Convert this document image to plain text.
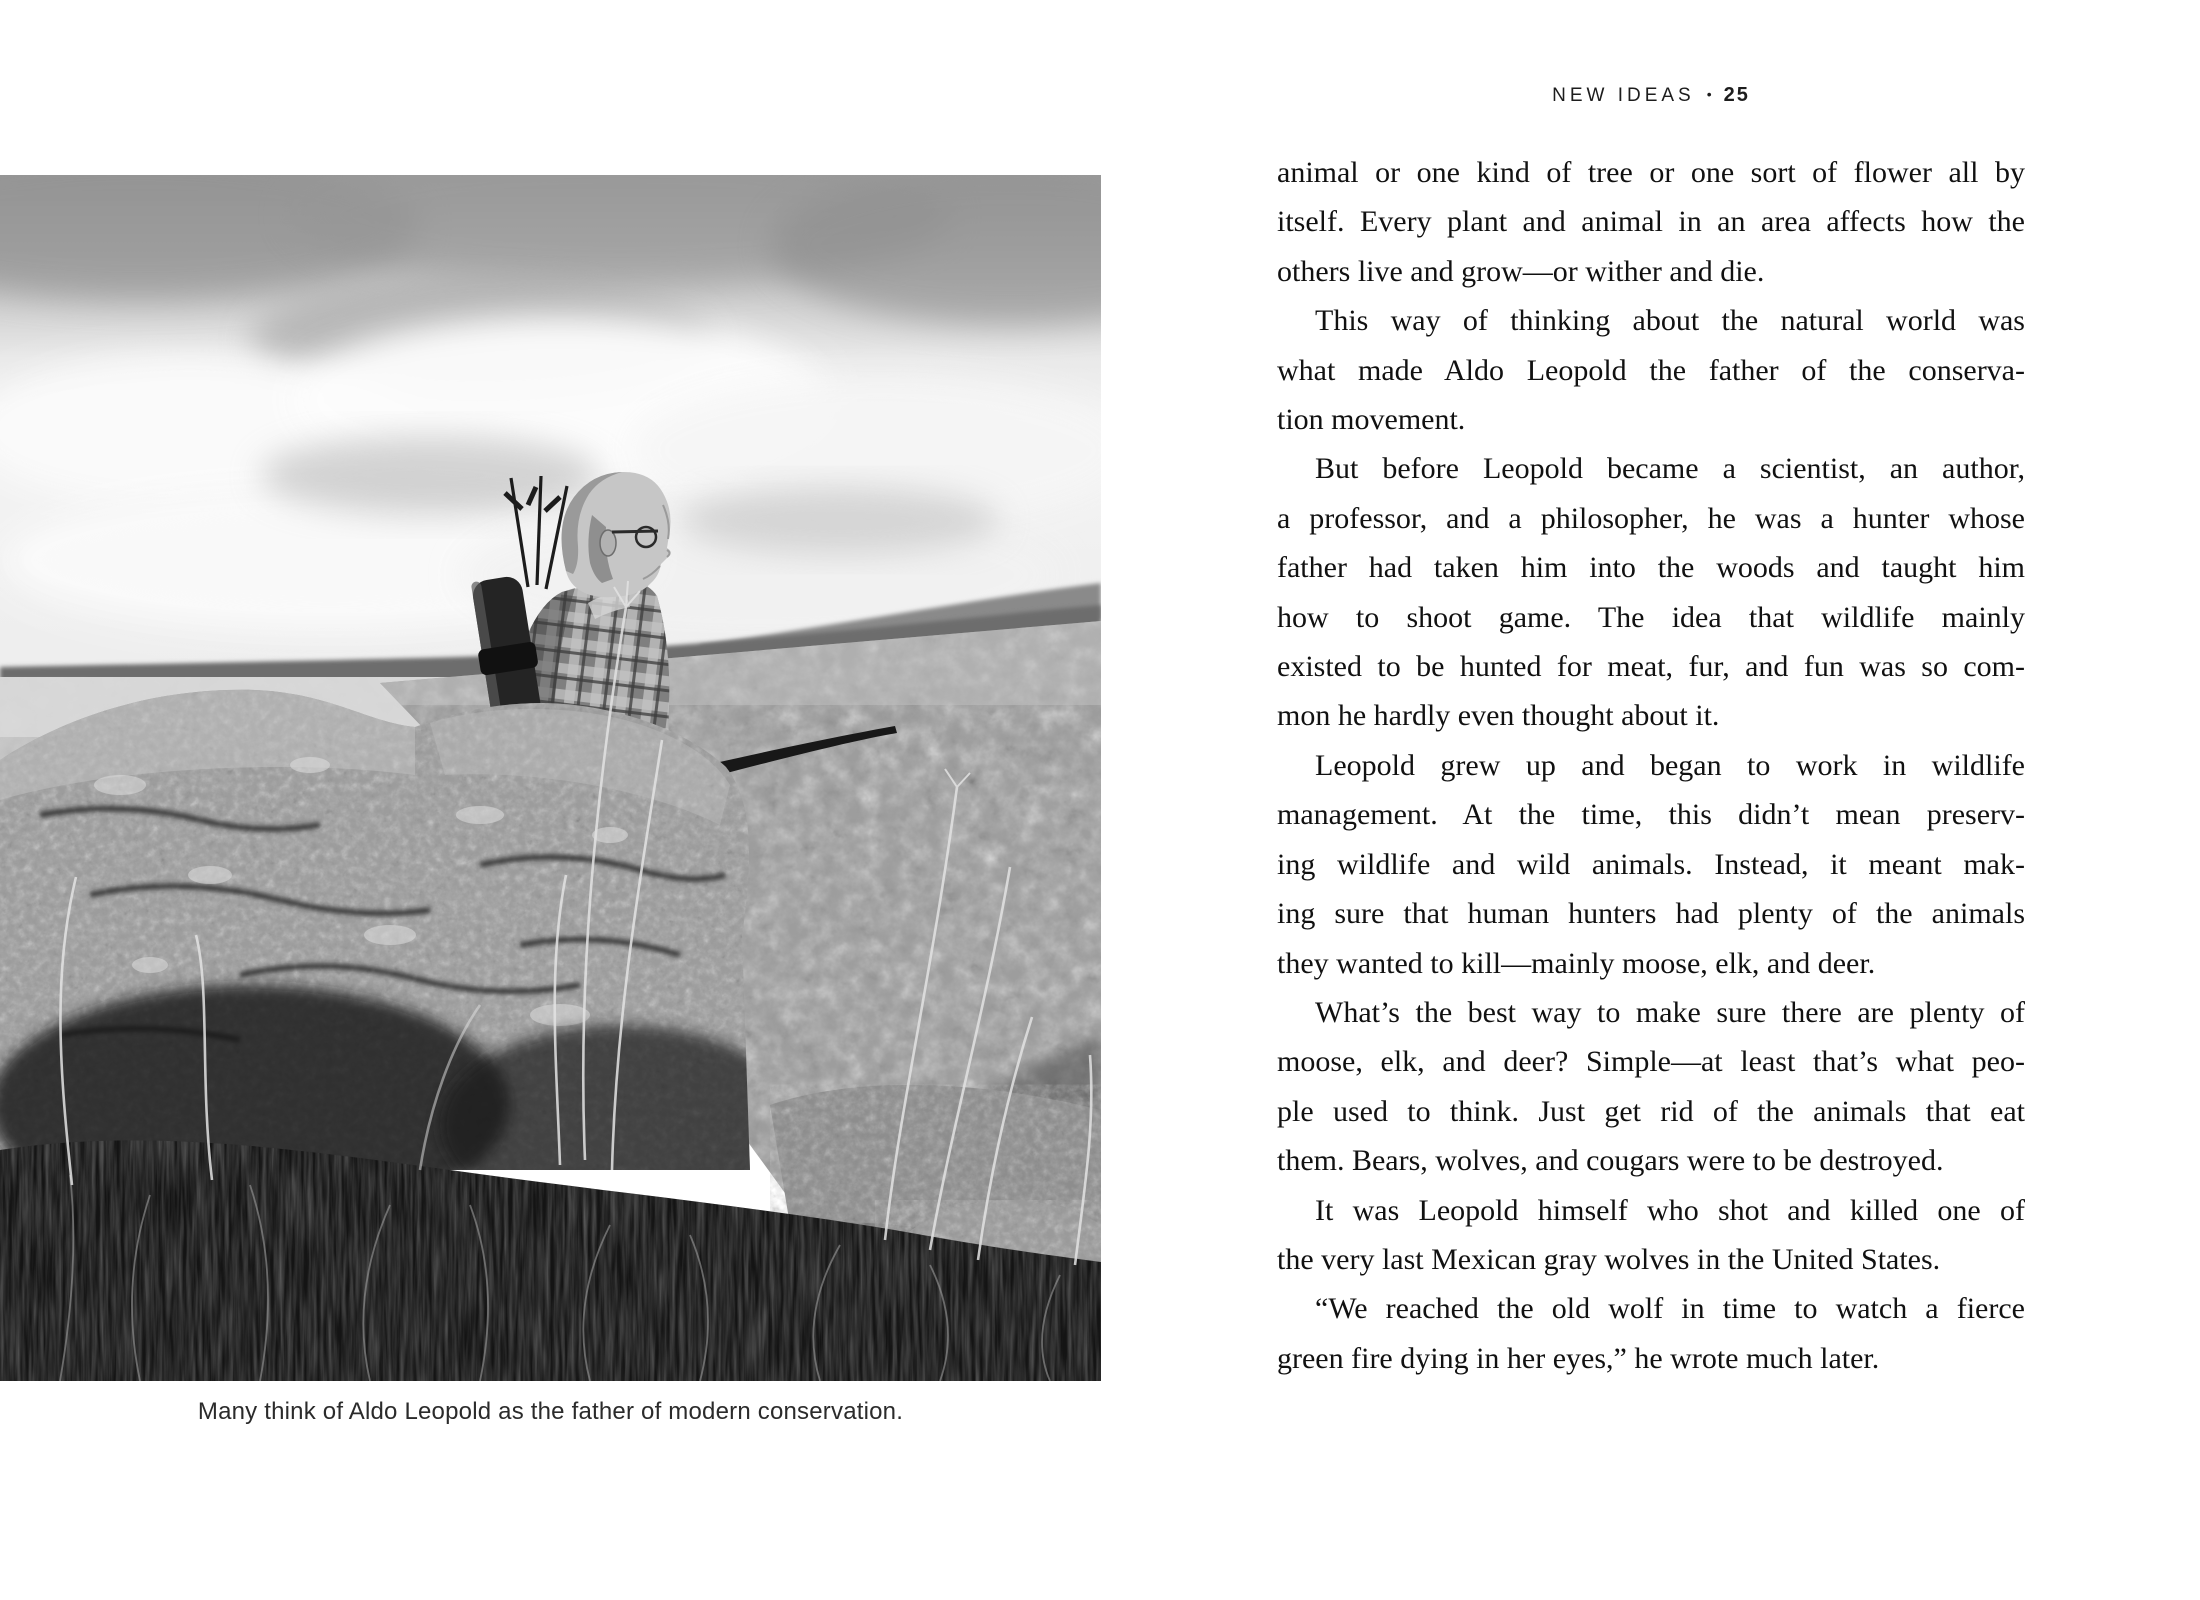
NEW IDEAS • 25
Many think of Aldo Leopold as the father of modern conservation.
animal or one kind of tree or one sort of flower all by
itself. Every plant and animal in an area affects how the
others live and grow—or wither and die.
This way of thinking about the natural world was
what made Aldo Leopold the father of the conserva-
tion movement.
But before Leopold became a scientist, an author,
a professor, and a philosopher, he was a hunter whose
father had taken him into the woods and taught him
how to shoot game. The idea that wildlife mainly
existed to be hunted for meat, fur, and fun was so com-
mon he hardly even thought about it.
Leopold grew up and began to work in wildlife
management. At the time, this didn’t mean preserv-
ing wildlife and wild animals. Instead, it meant mak-
ing sure that human hunters had plenty of the animals
they wanted to kill—mainly moose, elk, and deer.
What’s the best way to make sure there are plenty of
moose, elk, and deer? Simple—at least that’s what peo-
ple used to think. Just get rid of the animals that eat
them. Bears, wolves, and cougars were to be destroyed.
It was Leopold himself who shot and killed one of
the very last Mexican gray wolves in the United States.
“We reached the old wolf in time to watch a fierce
green fire dying in her eyes,” he wrote much later.
